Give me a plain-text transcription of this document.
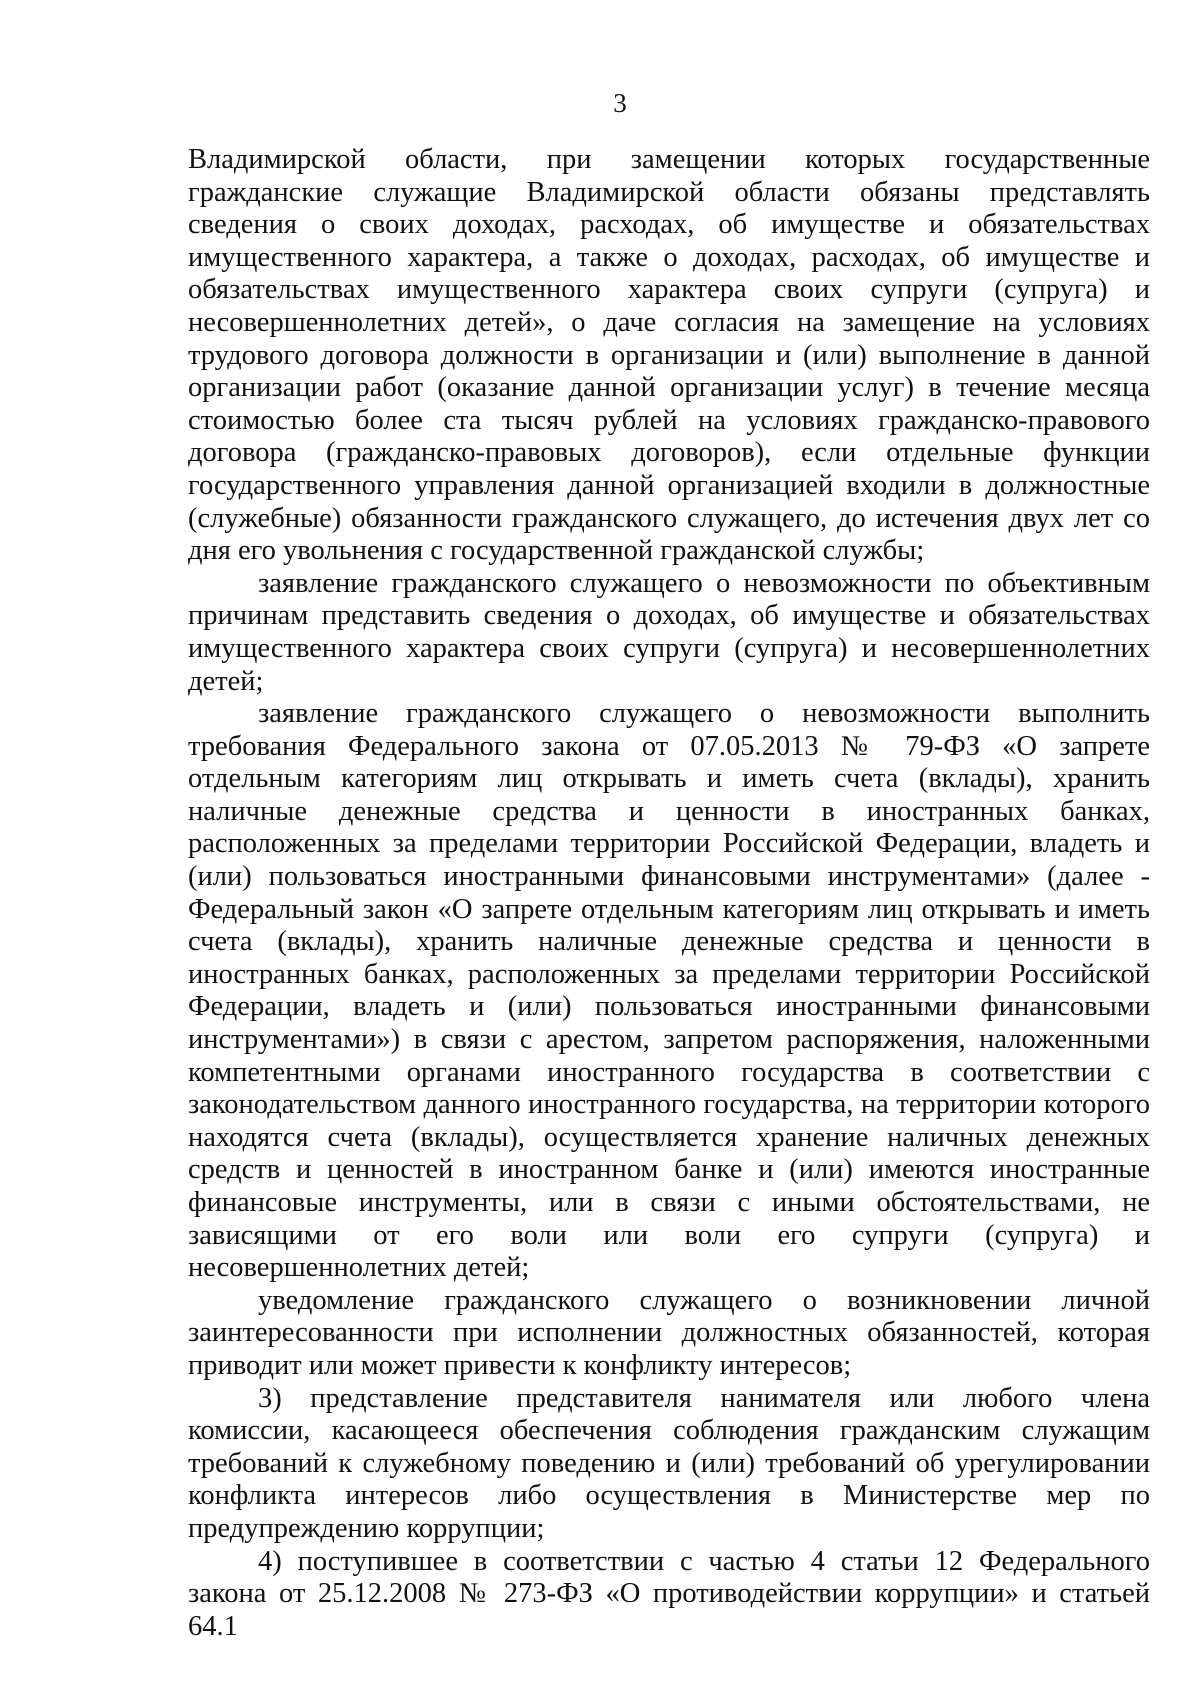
3

Владимирской области, при замещении которых государственные гражданские служащие Владимирской области обязаны представлять сведения о своих доходах, расходах, об имуществе и обязательствах имущественного характера, а также о доходах, расходах, об имуществе и обязательствах имущественного характера своих супруги (супруга) и несовершеннолетних детей», о даче согласия на замещение на условиях трудового договора должности в организации и (или) выполнение в данной организации работ (оказание данной организации услуг) в течение месяца стоимостью более ста тысяч рублей на условиях гражданско-правового договора (гражданско-правовых договоров), если отдельные функции государственного управления данной организацией входили в должностные (служебные) обязанности гражданского служащего, до истечения двух лет со дня его увольнения с государственной гражданской службы;

заявление гражданского служащего о невозможности по объективным причинам представить сведения о доходах, об имуществе и обязательствах имущественного характера своих супруги (супруга) и несовершеннолетних детей;

заявление гражданского служащего о невозможности выполнить требования Федерального закона от 07.05.2013 № 79-ФЗ «О запрете отдельным категориям лиц открывать и иметь счета (вклады), хранить наличные денежные средства и ценности в иностранных банках, расположенных за пределами территории Российской Федерации, владеть и (или) пользоваться иностранными финансовыми инструментами» (далее - Федеральный закон «О запрете отдельным категориям лиц открывать и иметь счета (вклады), хранить наличные денежные средства и ценности в иностранных банках, расположенных за пределами территории Российской Федерации, владеть и (или) пользоваться иностранными финансовыми инструментами») в связи с арестом, запретом распоряжения, наложенными компетентными органами иностранного государства в соответствии с законодательством данного иностранного государства, на территории которого находятся счета (вклады), осуществляется хранение наличных денежных средств и ценностей в иностранном банке и (или) имеются иностранные финансовые инструменты, или в связи с иными обстоятельствами, не зависящими от его воли или воли его супруги (супруга) и несовершеннолетних детей;

уведомление гражданского служащего о возникновении личной заинтересованности при исполнении должностных обязанностей, которая приводит или может привести к конфликту интересов;

3) представление представителя нанимателя или любого члена комиссии, касающееся обеспечения соблюдения гражданским служащим требований к служебному поведению и (или) требований об урегулировании конфликта интересов либо осуществления в Министерстве мер по предупреждению коррупции;

4) поступившее в соответствии с частью 4 статьи 12 Федерального закона от 25.12.2008 № 273-ФЗ «О противодействии коррупции» и статьей 64.1
